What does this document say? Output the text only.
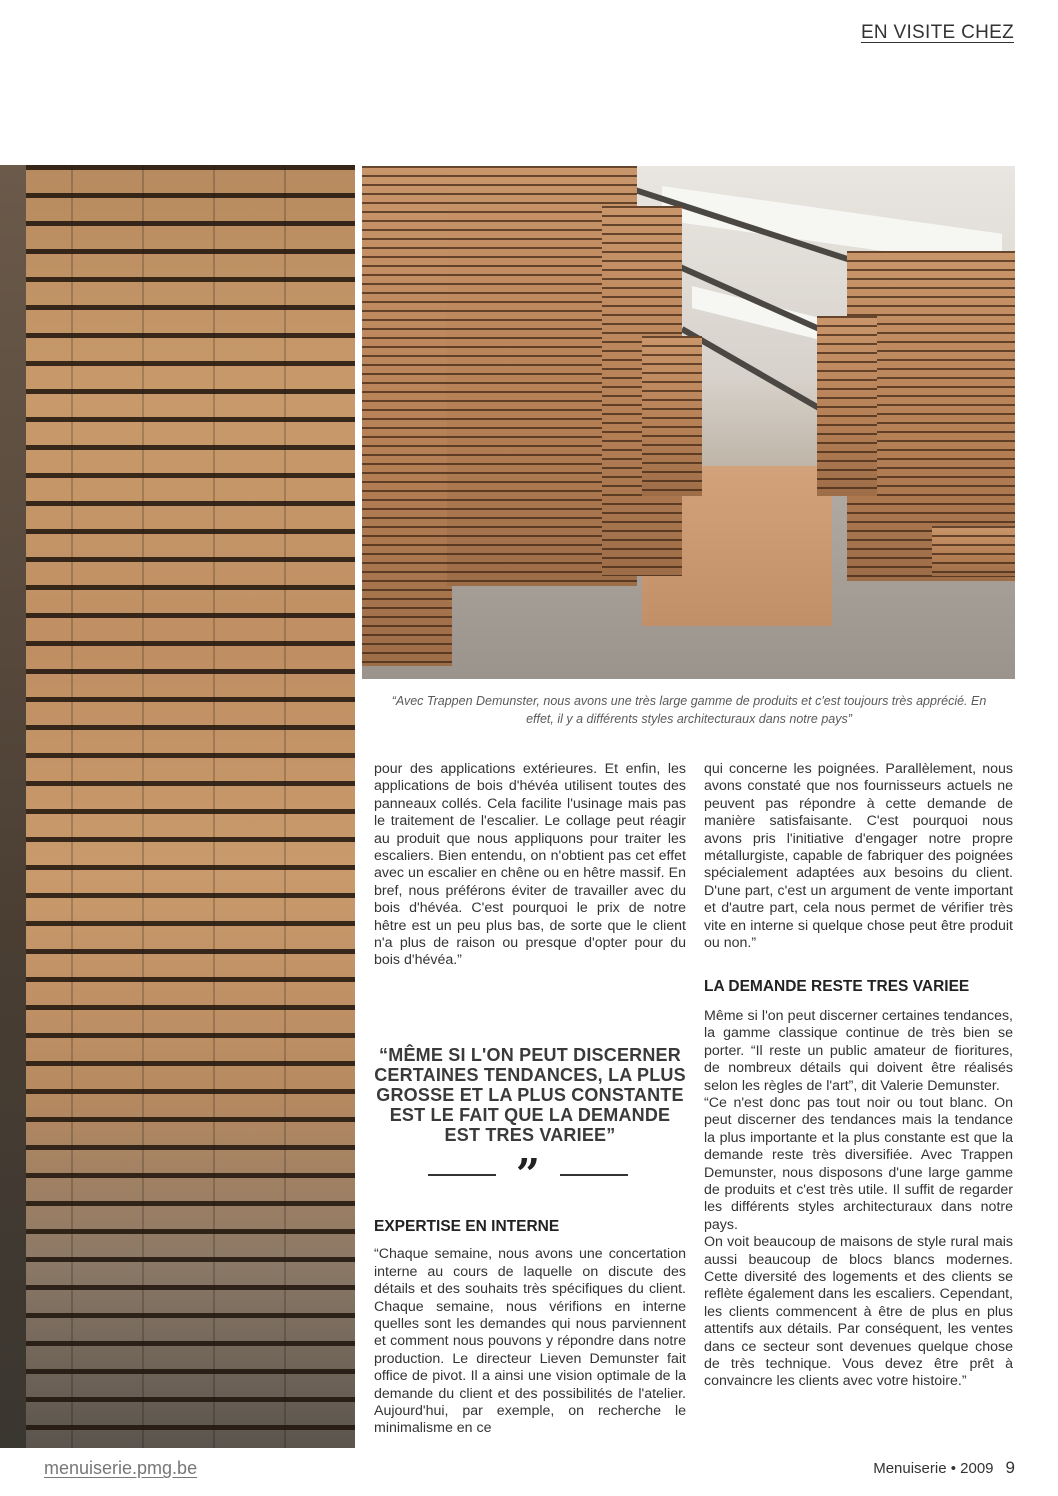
EN VISITE CHEZ
“Avec Trappen Demunster, nous avons une très large gamme de produits et c'est toujours très apprécié. En effet, il y a différents styles architecturaux dans notre pays”

pour des applications extérieures. Et enfin, les applications de bois d'hévéa utilisent toutes des panneaux collés. Cela facilite l'usinage mais pas le traitement de l'escalier. Le collage peut réagir au produit que nous appliquons pour traiter les escaliers. Bien entendu, on n'obtient pas cet effet avec un escalier en chêne ou en hêtre massif. En bref, nous préférons éviter de travailler avec du bois d'hévéa. C'est pourquoi le prix de notre hêtre est un peu plus bas, de sorte que le client n'a plus de raison ou presque d'opter pour du bois d'hévéa.”

“MÊME SI L'ON PEUT DISCERNER CERTAINES TENDANCES, LA PLUS GROSSE ET LA PLUS CONSTANTE EST LE FAIT QUE LA DEMANDE EST TRES VARIEE”
”
EXPERTISE EN INTERNE

“Chaque semaine, nous avons une concertation interne au cours de laquelle on discute des détails et des souhaits très spécifiques du client. Chaque semaine, nous vérifions en interne quelles sont les demandes qui nous parviennent et comment nous pouvons y répondre dans notre production. Le directeur Lieven Demunster fait office de pivot. Il a ainsi une vision optimale de la demande du client et des possibilités de l'atelier. Aujourd'hui, par exemple, on recherche le minimalisme en ce

qui concerne les poignées. Parallèlement, nous avons constaté que nos fournisseurs actuels ne peuvent pas répondre à cette demande de manière satisfaisante. C'est pourquoi nous avons pris l'initiative d'engager notre propre métallurgiste, capable de fabriquer des poignées spécialement adaptées aux besoins du client. D'une part, c'est un argument de vente important et d'autre part, cela nous permet de vérifier très vite en interne si quelque chose peut être produit ou non.”

LA DEMANDE RESTE TRES VARIEE

Même si l'on peut discerner certaines tendances, la gamme classique continue de très bien se porter. “Il reste un public amateur de fioritures, de nombreux détails qui doivent être réalisés selon les règles de l'art”, dit Valerie Demunster.

“Ce n'est donc pas tout noir ou tout blanc. On peut discerner des tendances mais la tendance la plus importante et la plus constante est que la demande reste très diversifiée. Avec Trappen Demunster, nous disposons d'une large gamme de produits et c'est très utile. Il suffit de regarder les différents styles architecturaux dans notre pays.

On voit beaucoup de maisons de style rural mais aussi beaucoup de blocs blancs modernes. Cette diversité des logements et des clients se reflète également dans les escaliers. Cependant, les clients commencent à être de plus en plus attentifs aux détails. Par conséquent, les ventes dans ce secteur sont devenues quelque chose de très technique. Vous devez être prêt à convaincre les clients avec votre histoire.”

menuiserie.pmg.be	Menuiserie • 2009 9
